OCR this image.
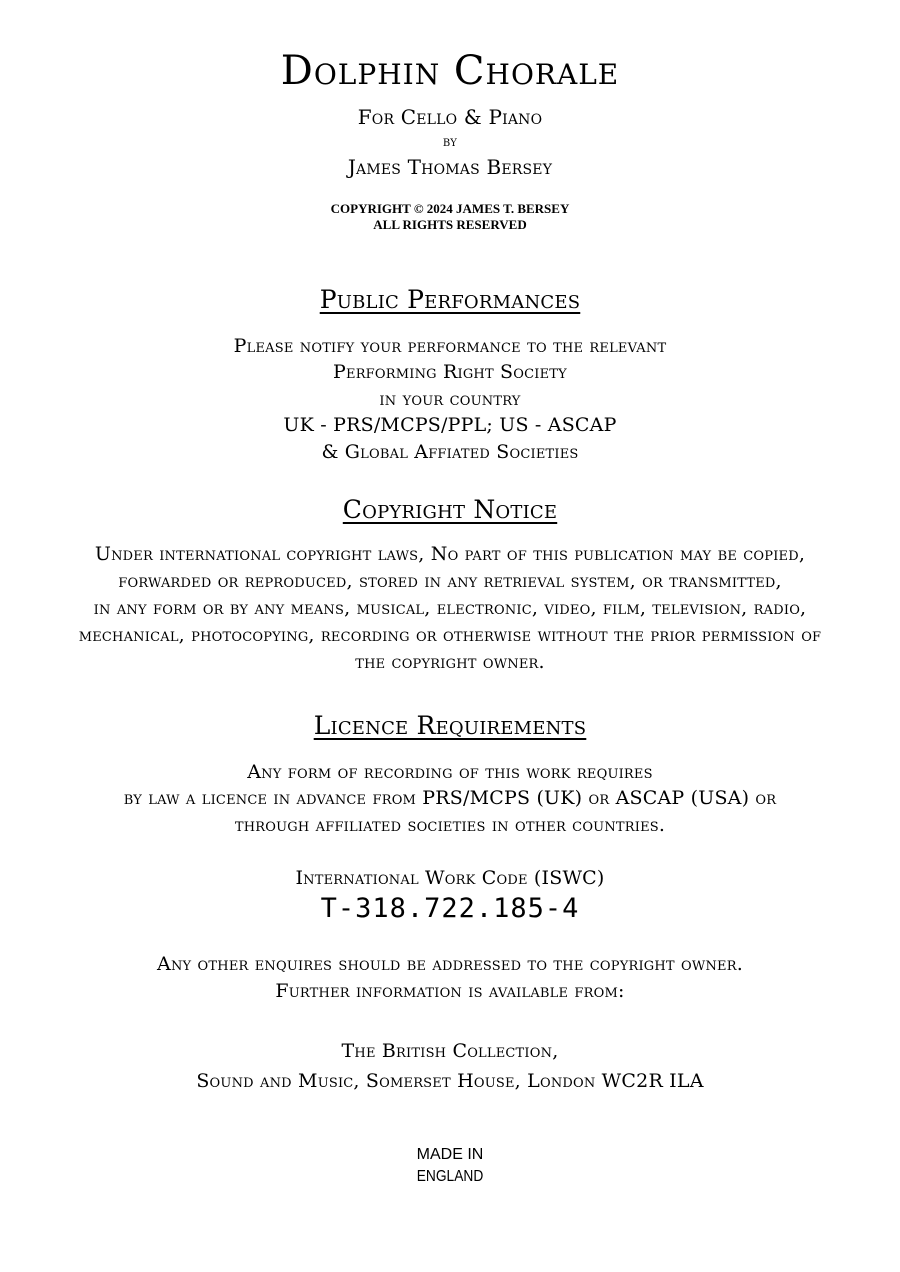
Dolphin Chorale
For Cello & Piano
by
James Thomas Bersey
COPYRIGHT © 2024 JAMES T. BERSEY
ALL RIGHTS RESERVED
Public Performances
Please notify your performance to the relevant
Performing Right Society
in your country
UK - PRS/MCPS/PPL; US - ASCAP
& Global Affiated Societies
Copyright Notice
Under international copyright laws, No part of this publication may be copied,
forwarded or reproduced, stored in any retrieval system, or transmitted,
in any form or by any means, musical, electronic, video, film, television, radio,
mechanical, photocopying, recording or otherwise without the prior permission of
the copyright owner.
Licence Requirements
Any form of recording of this work requires
by law a licence in advance from PRS/MCPS (UK) or ASCAP (USA) or
through affiliated societies in other countries.
International Work Code (ISWC)
T-318.722.185-4
Any other enquires should be addressed to the copyright owner.
Further information is available from:
The British Collection,
Sound and Music, Somerset House, London WC2R ILA
MADE IN
ENGLAND
